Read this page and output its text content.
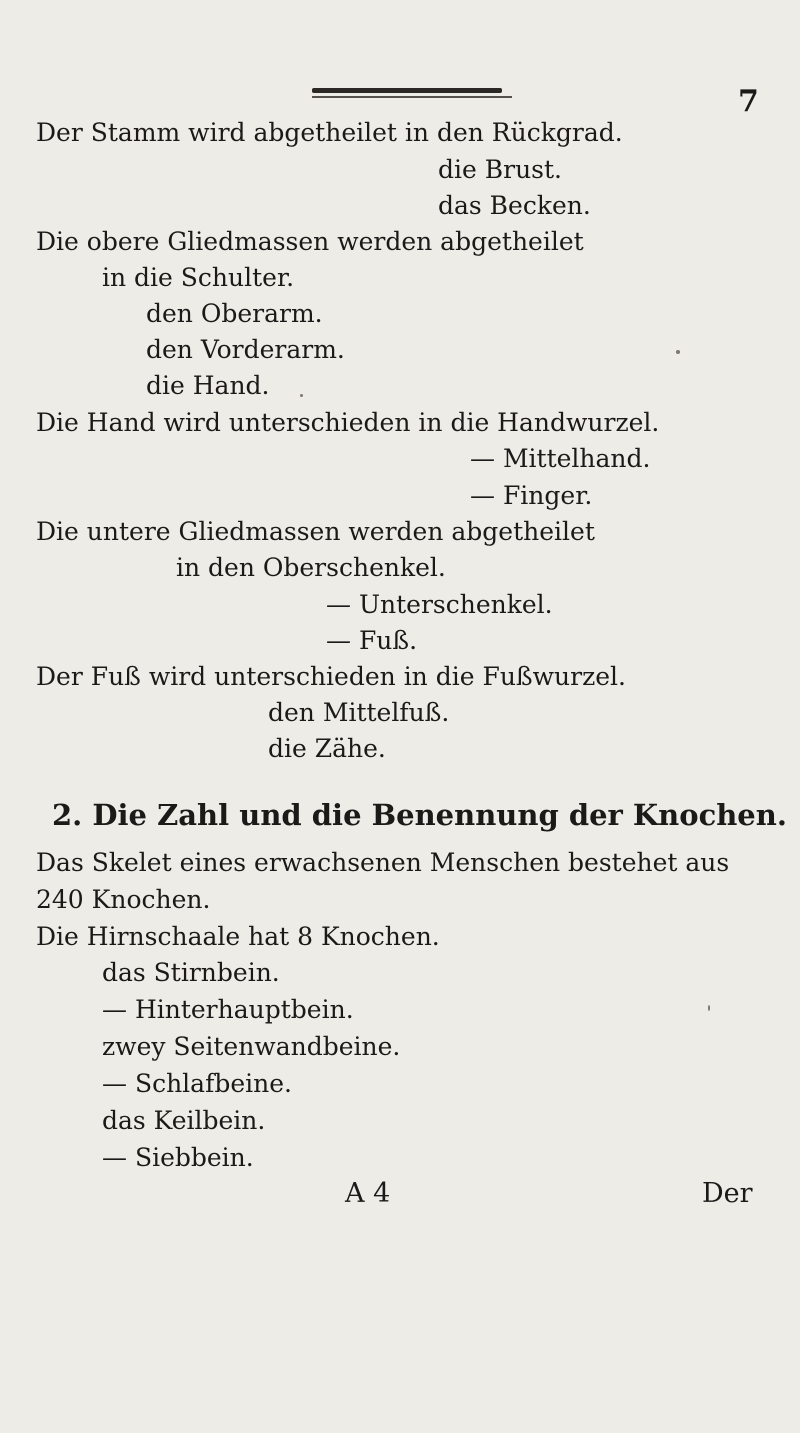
7
Der Stamm wird abgetheilet in den Rückgrad.
die Brust.
das Becken.
Die obere Gliedmassen werden abgetheilet
in die Schulter.
den Oberarm.
den Vorderarm.
die Hand.
Die Hand wird unterschieden in die Handwurzel.
— Mittelhand.
— Finger.
Die untere Gliedmassen werden abgetheilet
in den Oberschenkel.
— Unterschenkel.
— Fuß.
Der Fuß wird unterschieden in die Fußwurzel.
den Mittelfuß.
die Zähe.
2. Die Zahl und die Benennung der Knochen.
Das Skelet eines erwachsenen Menschen bestehet aus
240 Knochen.
Die Hirnschaale hat 8 Knochen.
das Stirnbein.
— Hinterhauptbein.
zwey Seitenwandbeine.
— Schlafbeine.
das Keilbein.
— Siebbein.
A 4	Der
